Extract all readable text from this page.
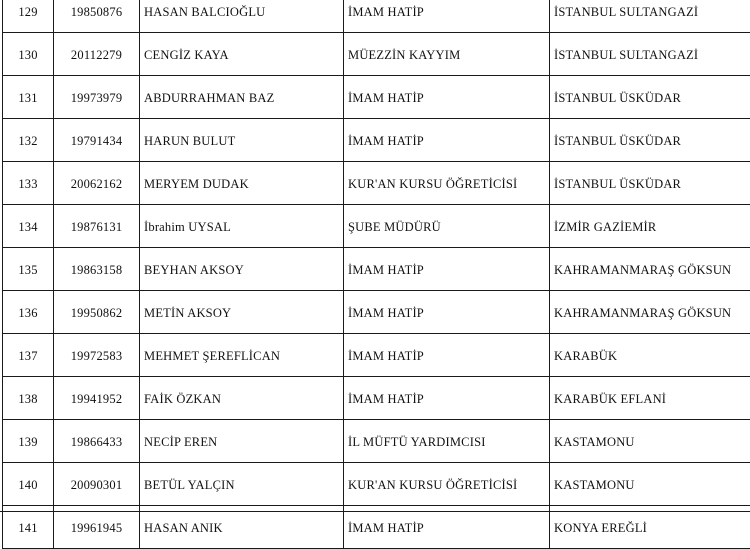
129	19850876	HASAN BALCIOĞLU	İMAM HATİP	İSTANBUL SULTANGAZİ
130	20112279	CENGİZ KAYA	MÜEZZİN KAYYIM	İSTANBUL SULTANGAZİ
131	19973979	ABDURRAHMAN BAZ	İMAM HATİP	İSTANBUL ÜSKÜDAR
132	19791434	HARUN BULUT	İMAM HATİP	İSTANBUL ÜSKÜDAR
133	20062162	MERYEM DUDAK	KUR'AN KURSU ÖĞRETİCİSİ	İSTANBUL ÜSKÜDAR
134	19876131	İbrahim UYSAL	ŞUBE MÜDÜRÜ	İZMİR GAZİEMİR
135	19863158	BEYHAN AKSOY	İMAM HATİP	KAHRAMANMARAŞ GÖKSUN
136	19950862	METİN AKSOY	İMAM HATİP	KAHRAMANMARAŞ GÖKSUN
137	19972583	MEHMET ŞEREFLİCAN	İMAM HATİP	KARABÜK
138	19941952	FAİK ÖZKAN	İMAM HATİP	KARABÜK EFLANİ
139	19866433	NECİP EREN	İL MÜFTÜ YARDIMCISI	KASTAMONU
140	20090301	BETÜL YALÇIN	KUR'AN KURSU ÖĞRETİCİSİ	KASTAMONU
141	19961945	HASAN ANIK	İMAM HATİP	KONYA EREĞLİ
